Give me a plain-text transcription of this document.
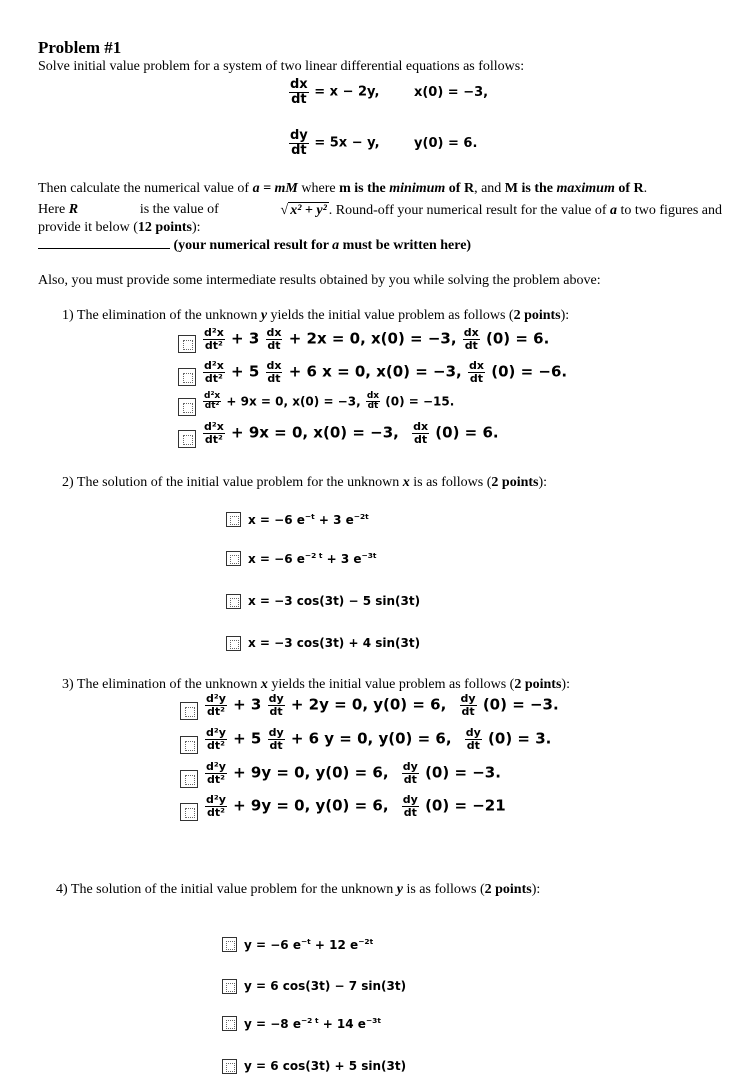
Problem #1
Solve initial value problem for a system of two linear differential equations as follows:
$\frac{dx}{dt} = x - 2y$,	x(0) = −3,
$\frac{dy}{dt} = 5x - y$,	y(0) = 6.
Then calculate the numerical value of a = mM where m is the minimum of R, and M is the maximum of R.
Here R	is the value of	√ x² + y² . Round-off your numerical result for the value of a to two figures and
provide it below (12 points):
(your numerical result for a must be written here)
Also, you must provide some intermediate results obtained by you while solving the problem above:
1) The elimination of the unknown y yields the initial value problem as follows (2 points):
$\frac{\text{d²x}}{\text{dt²}} + 3 \frac{dx}{dt} + 2x = 0$, x(0) = −3, $\frac{dx}{dt} (0) = 6$.
$\frac{\text{d²x}}{\text{dt²}} + 5 \frac{dx}{dt} + 6$ x = 0, x(0) = −3, $\frac{dx}{dt} (0) = -6$.
$\frac{\text{d²x}}{\text{dt²}} + 9x = 0$, x(0) = −3, $\frac{dx}{dt} (0) = -15$.
$\frac{\text{d²x}}{\text{dt²}} + 9x = 0$, x(0) = −3, $\frac{dx}{dt} (0) = 6$.
2) The solution of the initial value problem for the unknown x is as follows (2 points):
x = −6 $e^{-t} + 3$ $e^{-2t}$
x = −6 $e^{-2 t} + 3$ $e^{-3t}$
x = −3 cos(3t) − 5 sin(3t)
x = −3 cos(3t) + 4 sin(3t)
3) The elimination of the unknown x yields the initial value problem as follows (2 points):
$\frac{\text{d²y}}{\text{dt²}} + 3 \frac{dy}{dt} + 2y = 0$, y(0) = 6, $\frac{dy}{dt} (0) = -3$.
$\frac{\text{d²y}}{\text{dt²}} + 5 \frac{dy}{dt} + 6$ y = 0, y(0) = 6, $\frac{dy}{dt} (0) = 3$.
$\frac{\text{d²y}}{\text{dt²}} + 9y = 0$, y(0) = 6, $\frac{dy}{dt} (0) = -3$.
$\frac{\text{d²y}}{\text{dt²}} + 9y = 0$, y(0) = 6, $\frac{dy}{dt} (0) = -21$
4) The solution of the initial value problem for the unknown y is as follows (2 points):
y = −6 $e^{-t} + 12$ $e^{-2t}$
y = 6 cos(3t) − 7 sin(3t)
y = −8 $e^{-2 t} + 14$ $e^{-3t}$
y = 6 cos(3t) + 5 sin(3t)
